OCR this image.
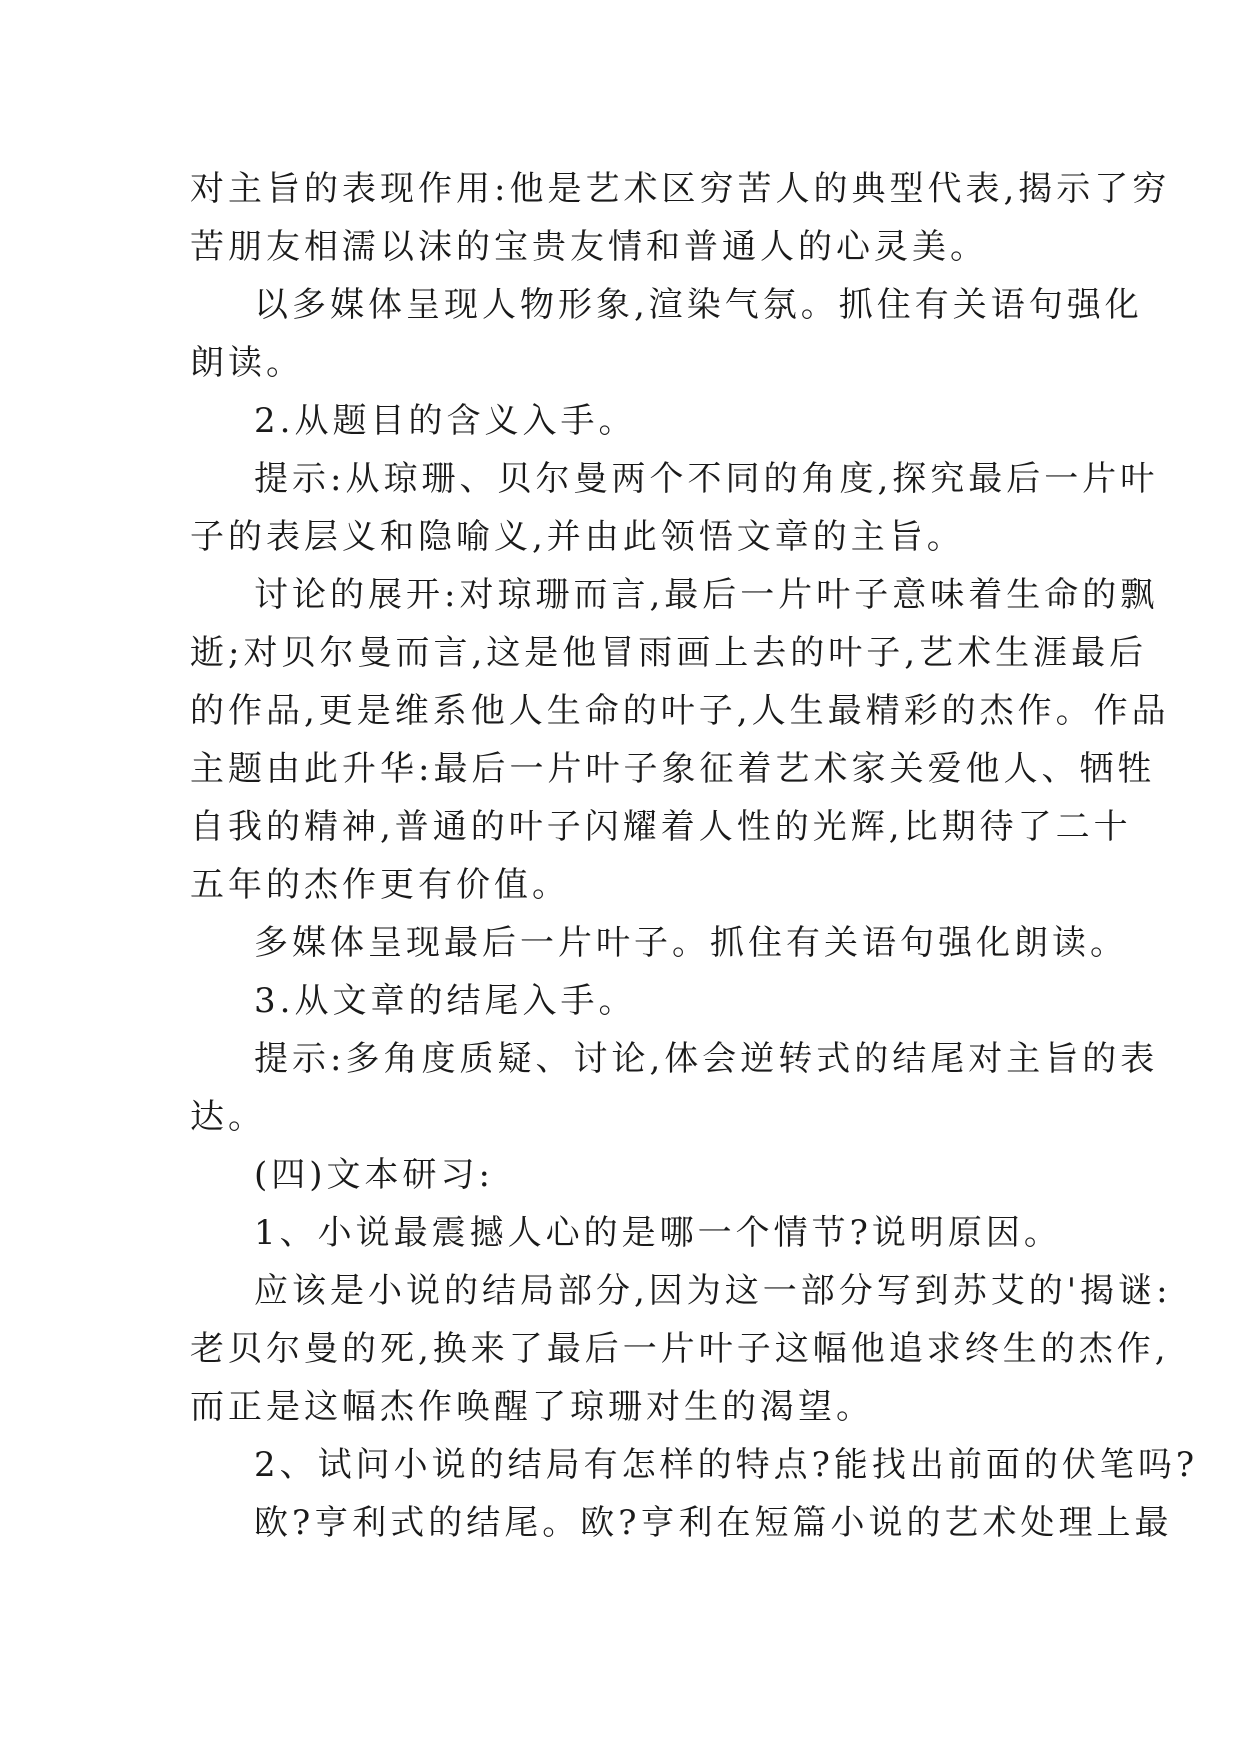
对主旨的表现作用:他是艺术区穷苦人的典型代表,揭示了穷
苦朋友相濡以沫的宝贵友情和普通人的心灵美。
以多媒体呈现人物形象,渲染气氛。抓住有关语句强化
朗读。
2.从题目的含义入手。
提示:从琼珊、贝尔曼两个不同的角度,探究最后一片叶
子的表层义和隐喻义,并由此领悟文章的主旨。
讨论的展开:对琼珊而言,最后一片叶子意味着生命的飘
逝;对贝尔曼而言,这是他冒雨画上去的叶子,艺术生涯最后
的作品,更是维系他人生命的叶子,人生最精彩的杰作。作品
主题由此升华:最后一片叶子象征着艺术家关爱他人、牺牲
自我的精神,普通的叶子闪耀着人性的光辉,比期待了二十
五年的杰作更有价值。
多媒体呈现最后一片叶子。抓住有关语句强化朗读。
3.从文章的结尾入手。
提示:多角度质疑、讨论,体会逆转式的结尾对主旨的表
达。
(四)文本研习:
1、小说最震撼人心的是哪一个情节?说明原因。
应该是小说的结局部分,因为这一部分写到苏艾的'揭谜:
老贝尔曼的死,换来了最后一片叶子这幅他追求终生的杰作,
而正是这幅杰作唤醒了琼珊对生的渴望。
2、试问小说的结局有怎样的特点?能找出前面的伏笔吗?
欧?亨利式的结尾。欧?亨利在短篇小说的艺术处理上最
